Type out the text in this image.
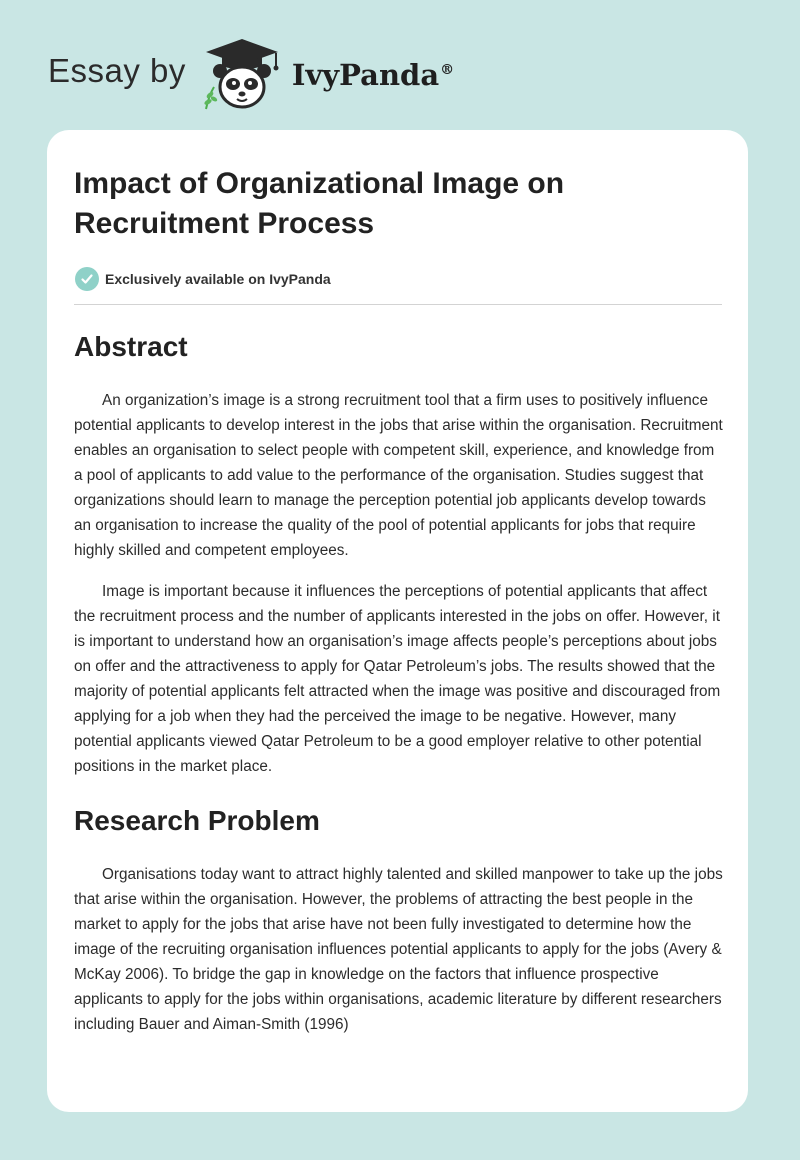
Essay by	IvyPanda®
Impact of Organizational Image on Recruitment Process
Exclusively available on IvyPanda
Abstract

An organization’s image is a strong recruitment tool that a firm uses to positively influence potential applicants to develop interest in the jobs that arise within the organisation. Recruitment enables an organisation to select people with competent skill, experience, and knowledge from a pool of applicants to add value to the performance of the organisation. Studies suggest that organizations should learn to manage the perception potential job applicants develop towards an organisation to increase the quality of the pool of potential applicants for jobs that require highly skilled and competent employees.

Image is important because it influences the perceptions of potential applicants that affect the recruitment process and the number of applicants interested in the jobs on offer. However, it is important to understand how an organisation’s image affects people’s perceptions about jobs on offer and the attractiveness to apply for Qatar Petroleum’s jobs. The results showed that the majority of potential applicants felt attracted when the image was positive and discouraged from applying for a job when they had the perceived the image to be negative. However, many potential applicants viewed Qatar Petroleum to be a good employer relative to other potential positions in the market place.

Research Problem

Organisations today want to attract highly talented and skilled manpower to take up the jobs that arise within the organisation. However, the problems of attracting the best people in the market to apply for the jobs that arise have not been fully investigated to determine how the image of the recruiting organisation influences potential applicants to apply for the jobs (Avery & McKay 2006). To bridge the gap in knowledge on the factors that influence prospective applicants to apply for the jobs within organisations, academic literature by different researchers including Bauer and Aiman-Smith (1996)
